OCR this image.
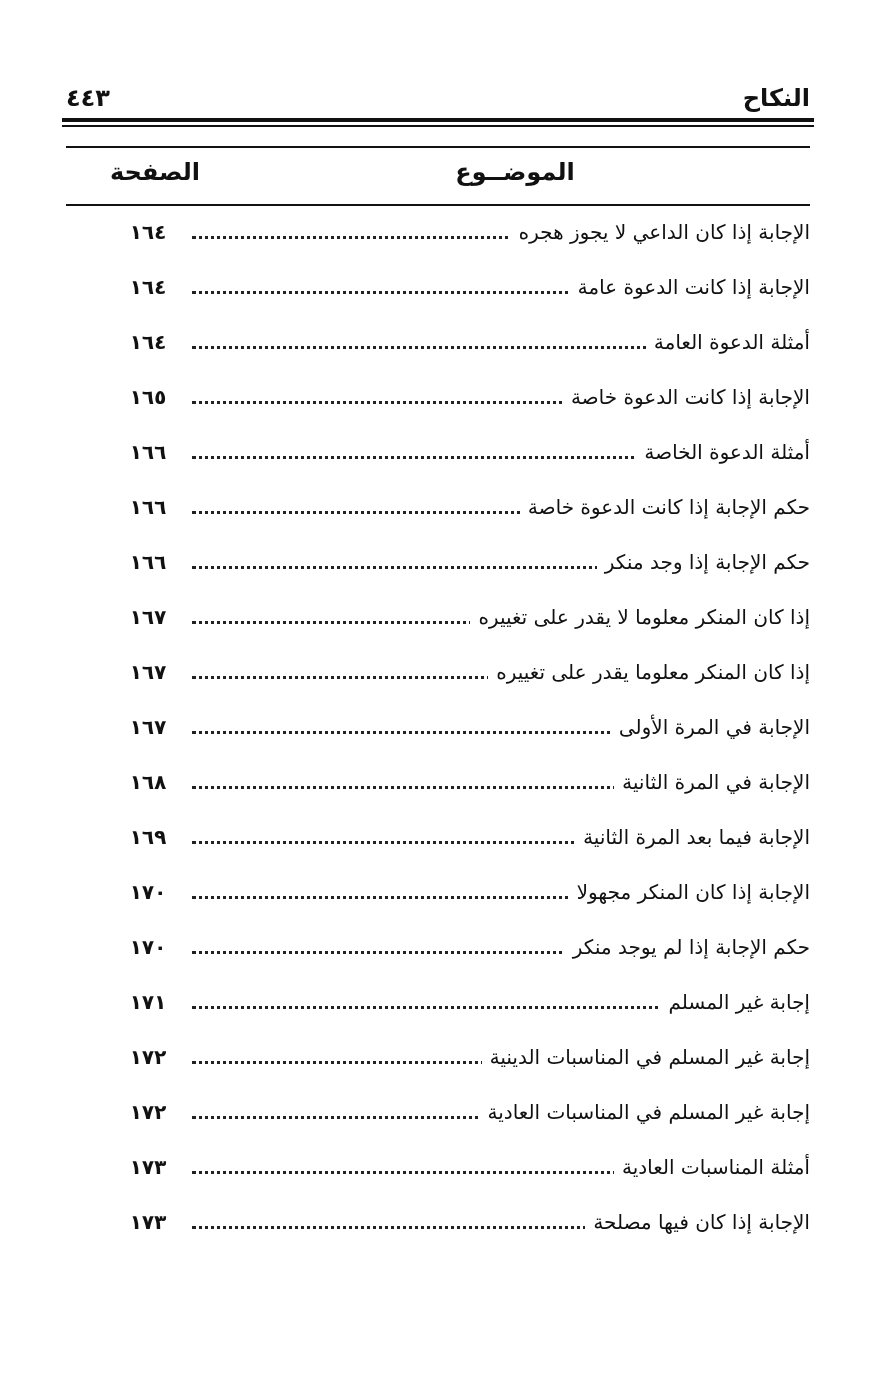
النكاح
٤٤٣
الموضــوع
الصفحة
الإجابة إذا كان الداعي لا يجوز هجره
١٦٤
الإجابة إذا كانت الدعوة عامة
١٦٤
أمثلة الدعوة العامة
١٦٤
الإجابة إذا كانت الدعوة خاصة
١٦٥
أمثلة الدعوة الخاصة
١٦٦
حكم الإجابة إذا كانت الدعوة خاصة
١٦٦
حكم الإجابة إذا وجد منكر
١٦٦
إذا كان المنكر معلوما لا يقدر على تغييره
١٦٧
إذا كان المنكر معلوما يقدر على تغييره
١٦٧
الإجابة في المرة الأولى
١٦٧
الإجابة في المرة الثانية
١٦٨
الإجابة فيما بعد المرة الثانية
١٦٩
الإجابة إذا كان المنكر مجهولا
١٧٠
حكم الإجابة إذا لم يوجد منكر
١٧٠
إجابة غير المسلم
١٧١
إجابة غير المسلم في المناسبات الدينية
١٧٢
إجابة غير المسلم في المناسبات العادية
١٧٢
أمثلة المناسبات العادية
١٧٣
الإجابة إذا كان فيها مصلحة
١٧٣
